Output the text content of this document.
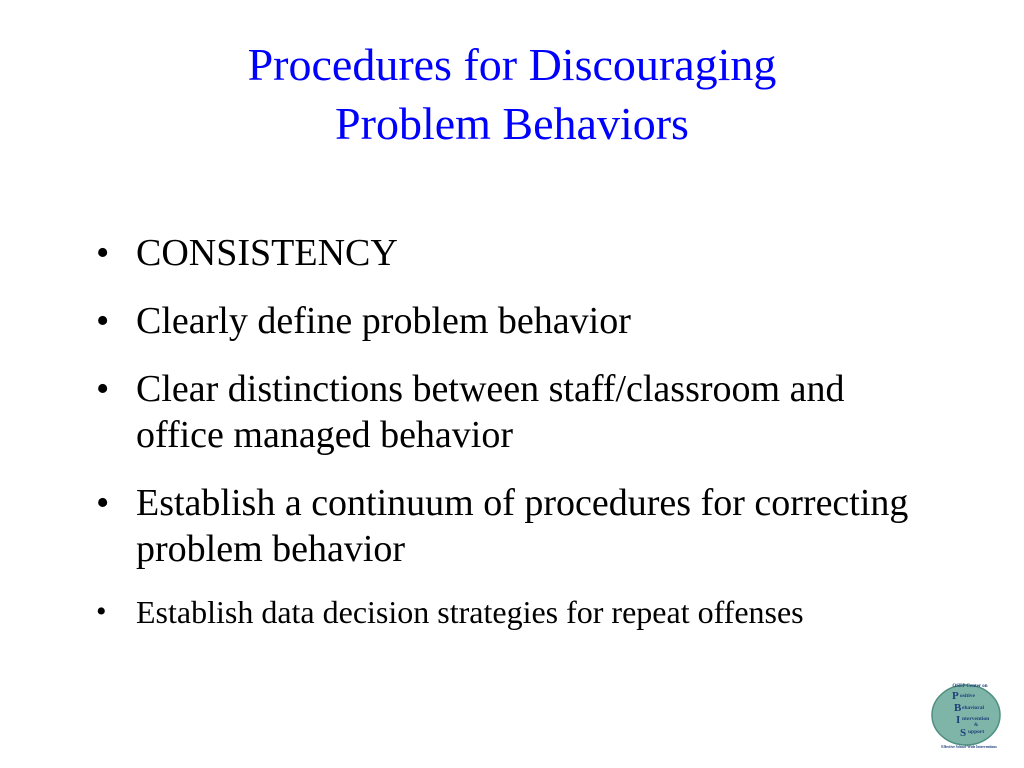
Procedures for Discouraging
Problem Behaviors
• CONSISTENCY
• Clearly define problem behavior
• Clear distinctions between staff/classroom and office managed behavior
• Establish a continuum of procedures for correcting problem behavior
• Establish data decision strategies for repeat offenses
OSEP Center on
P ositive
B ehavioral
I ntervention
&
S upport
Effective School-Wide Interventions
